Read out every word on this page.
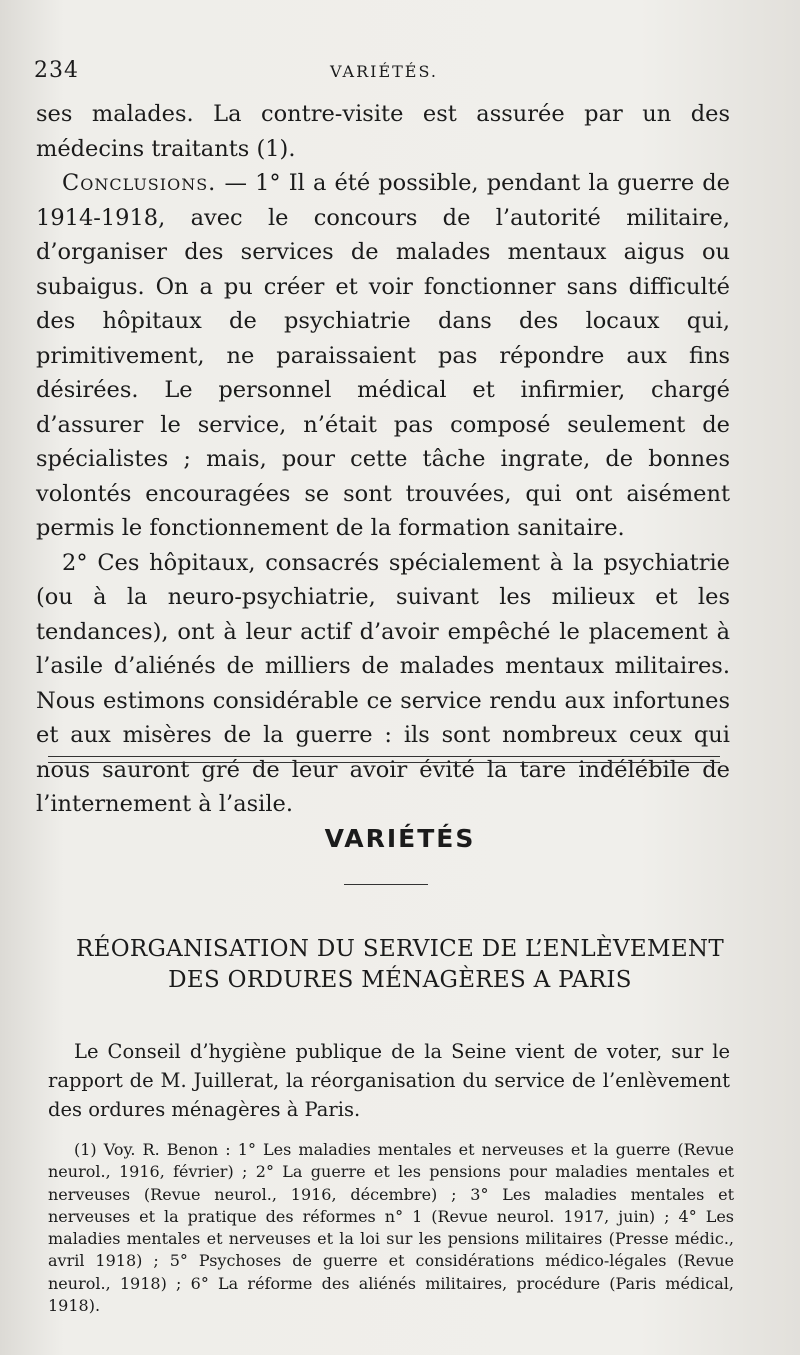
234	VARIÉTÉS.

ses malades. La contre-visite est assurée par un des médecins traitants (1).

Conclusions. — 1° Il a été possible, pendant la guerre de 1914-1918, avec le concours de l’autorité militaire, d’organiser des services de malades mentaux aigus ou subaigus. On a pu créer et voir fonctionner sans difficulté des hôpitaux de psychiatrie dans des locaux qui, primitivement, ne paraissaient pas répondre aux fins désirées. Le personnel médical et infirmier, chargé d’assurer le service, n’était pas composé seulement de spécialistes ; mais, pour cette tâche ingrate, de bonnes volontés encouragées se sont trouvées, qui ont aisément permis le fonctionnement de la formation sanitaire.

2° Ces hôpitaux, consacrés spécialement à la psychiatrie (ou à la neuro-psychiatrie, suivant les milieux et les tendances), ont à leur actif d’avoir empêché le placement à l’asile d’aliénés de milliers de malades mentaux militaires. Nous estimons considérable ce service rendu aux infortunes et aux misères de la guerre : ils sont nombreux ceux qui nous sauront gré de leur avoir évité la tare indélébile de l’internement à l’asile.

VARIÉTÉS
RÉORGANISATION DU SERVICE DE L’ENLÈVEMENT
DES ORDURES MÉNAGÈRES A PARIS

Le Conseil d’hygiène publique de la Seine vient de voter, sur le rapport de M. Juillerat, la réorganisation du service de l’enlèvement des ordures ménagères à Paris.

(1) Voy. R. Benon : 1° Les maladies mentales et nerveuses et la guerre (Revue neurol., 1916, février) ; 2° La guerre et les pensions pour maladies mentales et nerveuses (Revue neurol., 1916, décembre) ; 3° Les maladies mentales et nerveuses et la pratique des réformes n° 1 (Revue neurol. 1917, juin) ; 4° Les maladies mentales et nerveuses et la loi sur les pensions militaires (Presse médic., avril 1918) ; 5° Psychoses de guerre et considérations médico-légales (Revue neurol., 1918) ; 6° La réforme des aliénés militaires, procédure (Paris médical, 1918).
